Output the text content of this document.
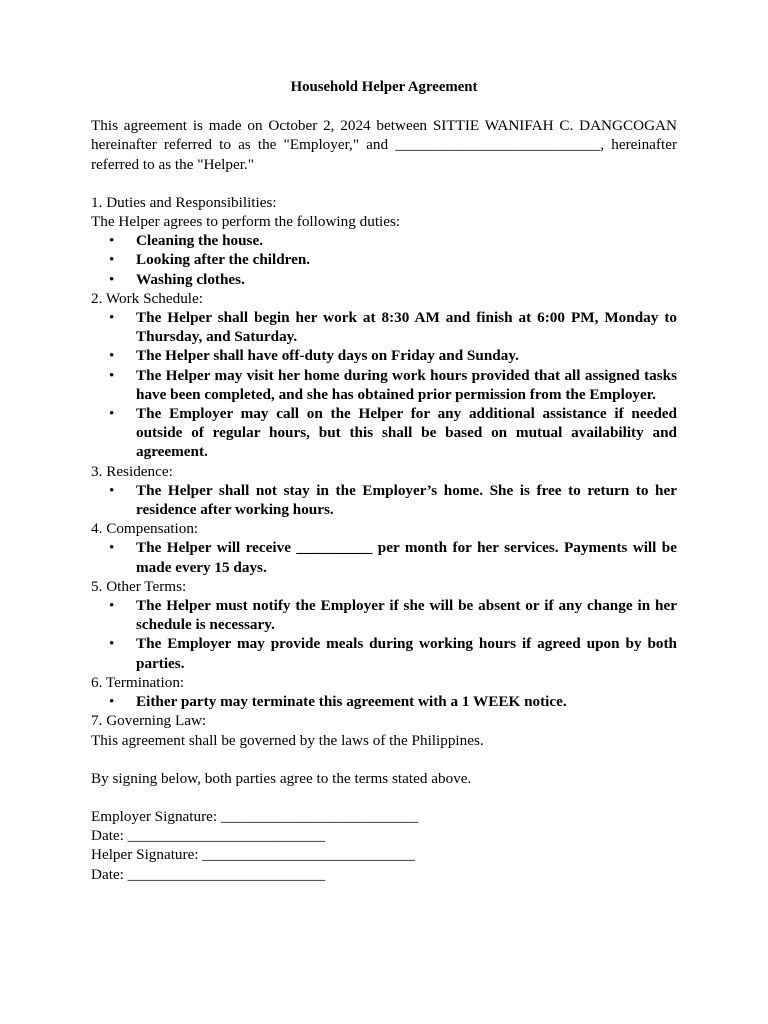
Household Helper Agreement
This agreement is made on October 2, 2024 between SITTIE WANIFAH C. DANGCOGAN hereinafter referred to as the "Employer," and ___________________________, hereinafter referred to as the "Helper."
1. Duties and Responsibilities:
The Helper agrees to perform the following duties:
• Cleaning the house.
• Looking after the children.
• Washing clothes.
2. Work Schedule:
• The Helper shall begin her work at 8:30 AM and finish at 6:00 PM, Monday to Thursday, and Saturday.
• The Helper shall have off-duty days on Friday and Sunday.
• The Helper may visit her home during work hours provided that all assigned tasks have been completed, and she has obtained prior permission from the Employer.
• The Employer may call on the Helper for any additional assistance if needed outside of regular hours, but this shall be based on mutual availability and agreement.
3. Residence:
• The Helper shall not stay in the Employer’s home. She is free to return to her residence after working hours.
4. Compensation:
• The Helper will receive __________ per month for her services. Payments will be made every 15 days.
5. Other Terms:
• The Helper must notify the Employer if she will be absent or if any change in her schedule is necessary.
• The Employer may provide meals during working hours if agreed upon by both parties.
6. Termination:
• Either party may terminate this agreement with a 1 WEEK notice.
7. Governing Law:
This agreement shall be governed by the laws of the Philippines.
By signing below, both parties agree to the terms stated above.
Employer Signature: __________________________
Date: __________________________
Helper Signature: ____________________________
Date: __________________________
